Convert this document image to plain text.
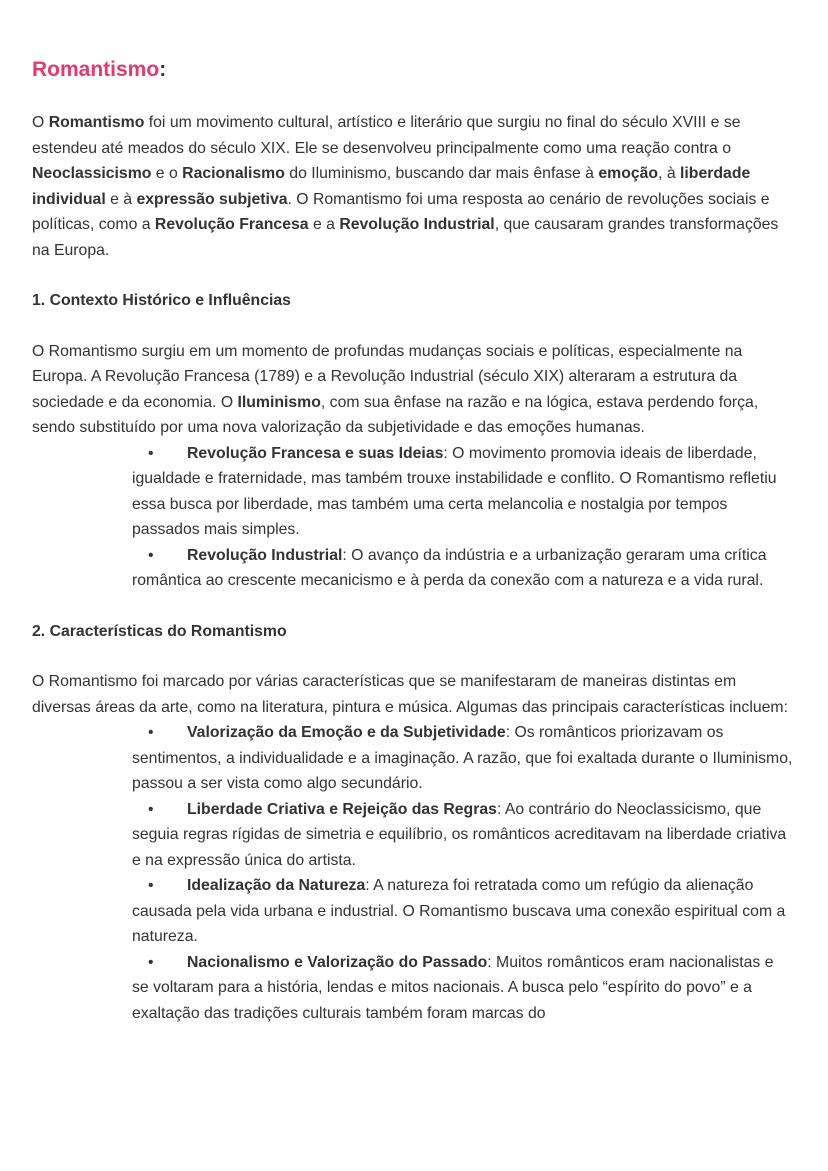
Romantismo:

O Romantismo foi um movimento cultural, artístico e literário que surgiu no final do século XVIII e se estendeu até meados do século XIX. Ele se desenvolveu principalmente como uma reação contra o Neoclassicismo e o Racionalismo do Iluminismo, buscando dar mais ênfase à emoção, à liberdade individual e à expressão subjetiva. O Romantismo foi uma resposta ao cenário de revoluções sociais e políticas, como a Revolução Francesa e a Revolução Industrial, que causaram grandes transformações na Europa.

1. Contexto Histórico e Influências

O Romantismo surgiu em um momento de profundas mudanças sociais e políticas, especialmente na Europa. A Revolução Francesa (1789) e a Revolução Industrial (século XIX) alteraram a estrutura da sociedade e da economia. O Iluminismo, com sua ênfase na razão e na lógica, estava perdendo força, sendo substituído por uma nova valorização da subjetividade e das emoções humanas.

• Revolução Francesa e suas Ideias: O movimento promovia ideais de liberdade, igualdade e fraternidade, mas também trouxe instabilidade e conflito. O Romantismo refletiu essa busca por liberdade, mas também uma certa melancolia e nostalgia por tempos passados mais simples.
• Revolução Industrial: O avanço da indústria e a urbanização geraram uma crítica romântica ao crescente mecanicismo e à perda da conexão com a natureza e a vida rural.
2. Características do Romantismo

O Romantismo foi marcado por várias características que se manifestaram de maneiras distintas em diversas áreas da arte, como na literatura, pintura e música. Algumas das principais características incluem:

• Valorização da Emoção e da Subjetividade: Os românticos priorizavam os sentimentos, a individualidade e a imaginação. A razão, que foi exaltada durante o Iluminismo, passou a ser vista como algo secundário.
• Liberdade Criativa e Rejeição das Regras: Ao contrário do Neoclassicismo, que seguia regras rígidas de simetria e equilíbrio, os românticos acreditavam na liberdade criativa e na expressão única do artista.
• Idealização da Natureza: A natureza foi retratada como um refúgio da alienação causada pela vida urbana e industrial. O Romantismo buscava uma conexão espiritual com a natureza.
• Nacionalismo e Valorização do Passado: Muitos românticos eram nacionalistas e se voltaram para a história, lendas e mitos nacionais. A busca pelo “espírito do povo” e a exaltação das tradições culturais também foram marcas do
